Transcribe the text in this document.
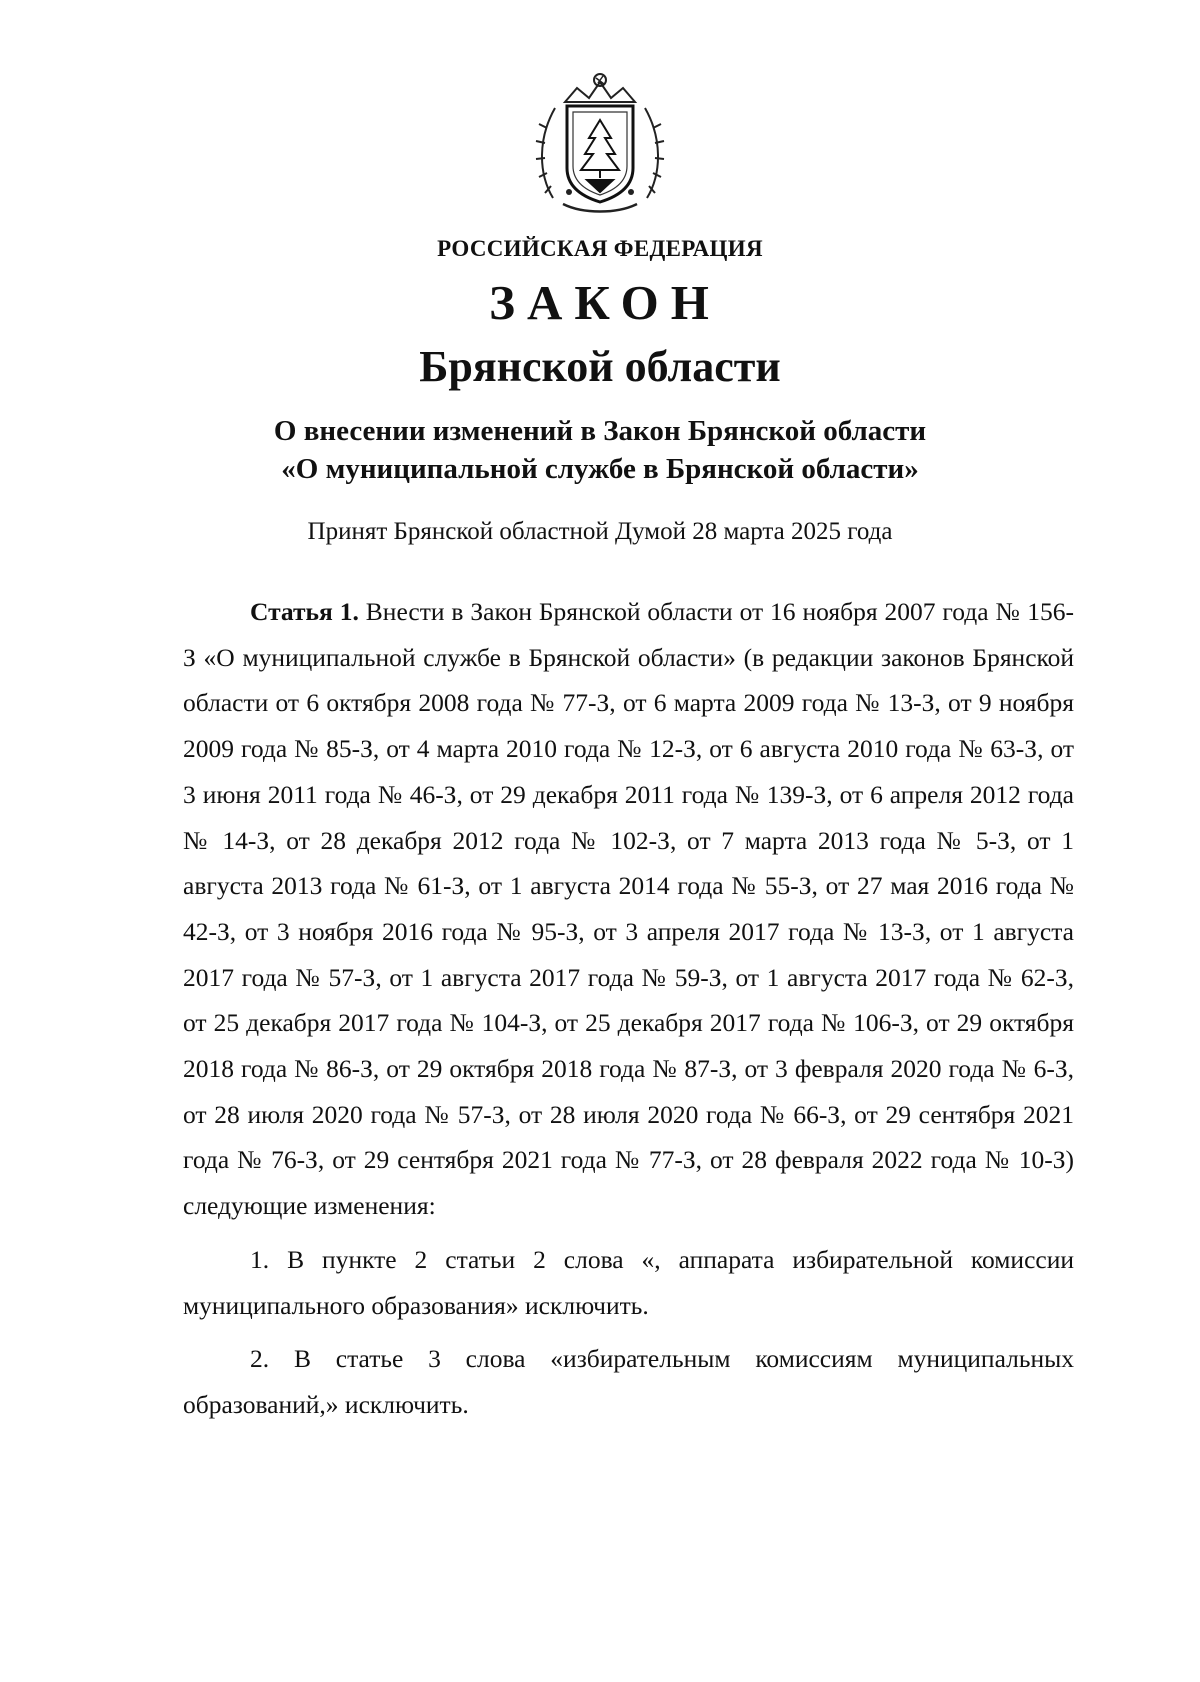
РОССИЙСКАЯ ФЕДЕРАЦИЯ
ЗАКОН
Брянской области
О внесении изменений в Закон Брянской области
«О муниципальной службе в Брянской области»
Принят Брянской областной Думой 28 марта 2025 года

Статья 1. Внести в Закон Брянской области от 16 ноября 2007 года № 156-З «О муниципальной службе в Брянской области» (в редакции законов Брянской области от 6 октября 2008 года № 77-З, от 6 марта 2009 года № 13-З, от 9 ноября 2009 года № 85-З, от 4 марта 2010 года № 12-З, от 6 августа 2010 года № 63-З, от 3 июня 2011 года № 46-З, от 29 декабря 2011 года № 139-З, от 6 апреля 2012 года № 14-З, от 28 декабря 2012 года № 102-З, от 7 марта 2013 года № 5-З, от 1 августа 2013 года № 61-З, от 1 августа 2014 года № 55-З, от 27 мая 2016 года № 42-З, от 3 ноября 2016 года № 95-З, от 3 апреля 2017 года № 13-З, от 1 августа 2017 года № 57-З, от 1 августа 2017 года № 59-З, от 1 августа 2017 года № 62-З, от 25 декабря 2017 года № 104-З, от 25 декабря 2017 года № 106-З, от 29 октября 2018 года № 86-З, от 29 октября 2018 года № 87-З, от 3 февраля 2020 года № 6-З, от 28 июля 2020 года № 57-З, от 28 июля 2020 года № 66-З, от 29 сентября 2021 года № 76-З, от 29 сентября 2021 года № 77-З, от 28 февраля 2022 года № 10-З) следующие изменения:

1. В пункте 2 статьи 2 слова «, аппарата избирательной комиссии муниципального образования» исключить.

2. В статье 3 слова «избирательным комиссиям муниципальных образований,» исключить.
